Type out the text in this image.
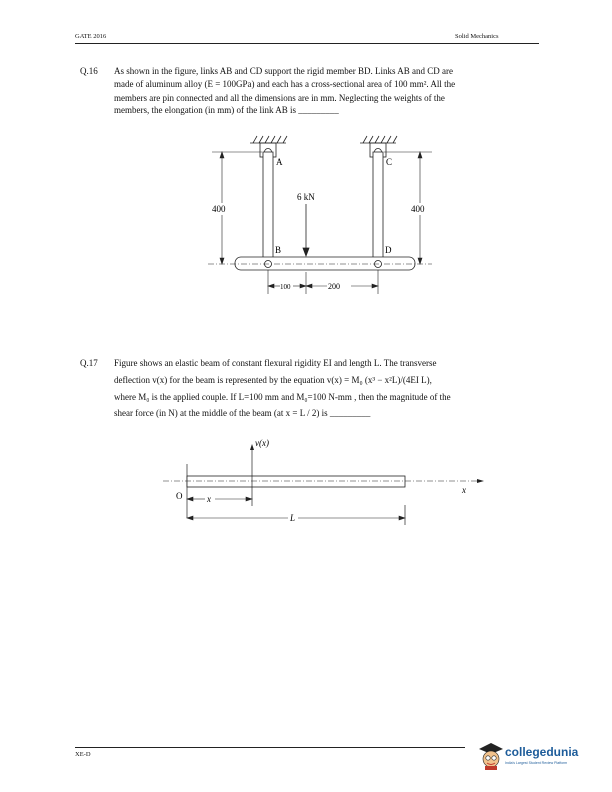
GATE 2016	Solid Mechanics
Q.16 As shown in the figure, links AB and CD support the rigid member BD. Links AB and CD are
made of aluminum alloy (E = 100GPa) and each has a cross-sectional area of 100 mm². All the
members are pin connected and all the dimensions are in mm. Neglecting the weights of the
members, the elongation (in mm) of the link AB is _________
400	400
6 kN
A	C
B	D
100	200
Q.17 Figure shows an elastic beam of constant flexural rigidity EI and length L. The transverse
deflection v(x) for the beam is represented by the equation v(x) = M₀ (x³ − x²L)/(4EI L),
where M₀ is the applied couple. If L=100 mm and M₀=100 N-mm , then the magnitude of the
shear force (in N) at the middle of the beam (at x = L / 2) is _________
x
v(x)
O	x
L
XE-D	collegedunia
India's Largest Student Review Platform
